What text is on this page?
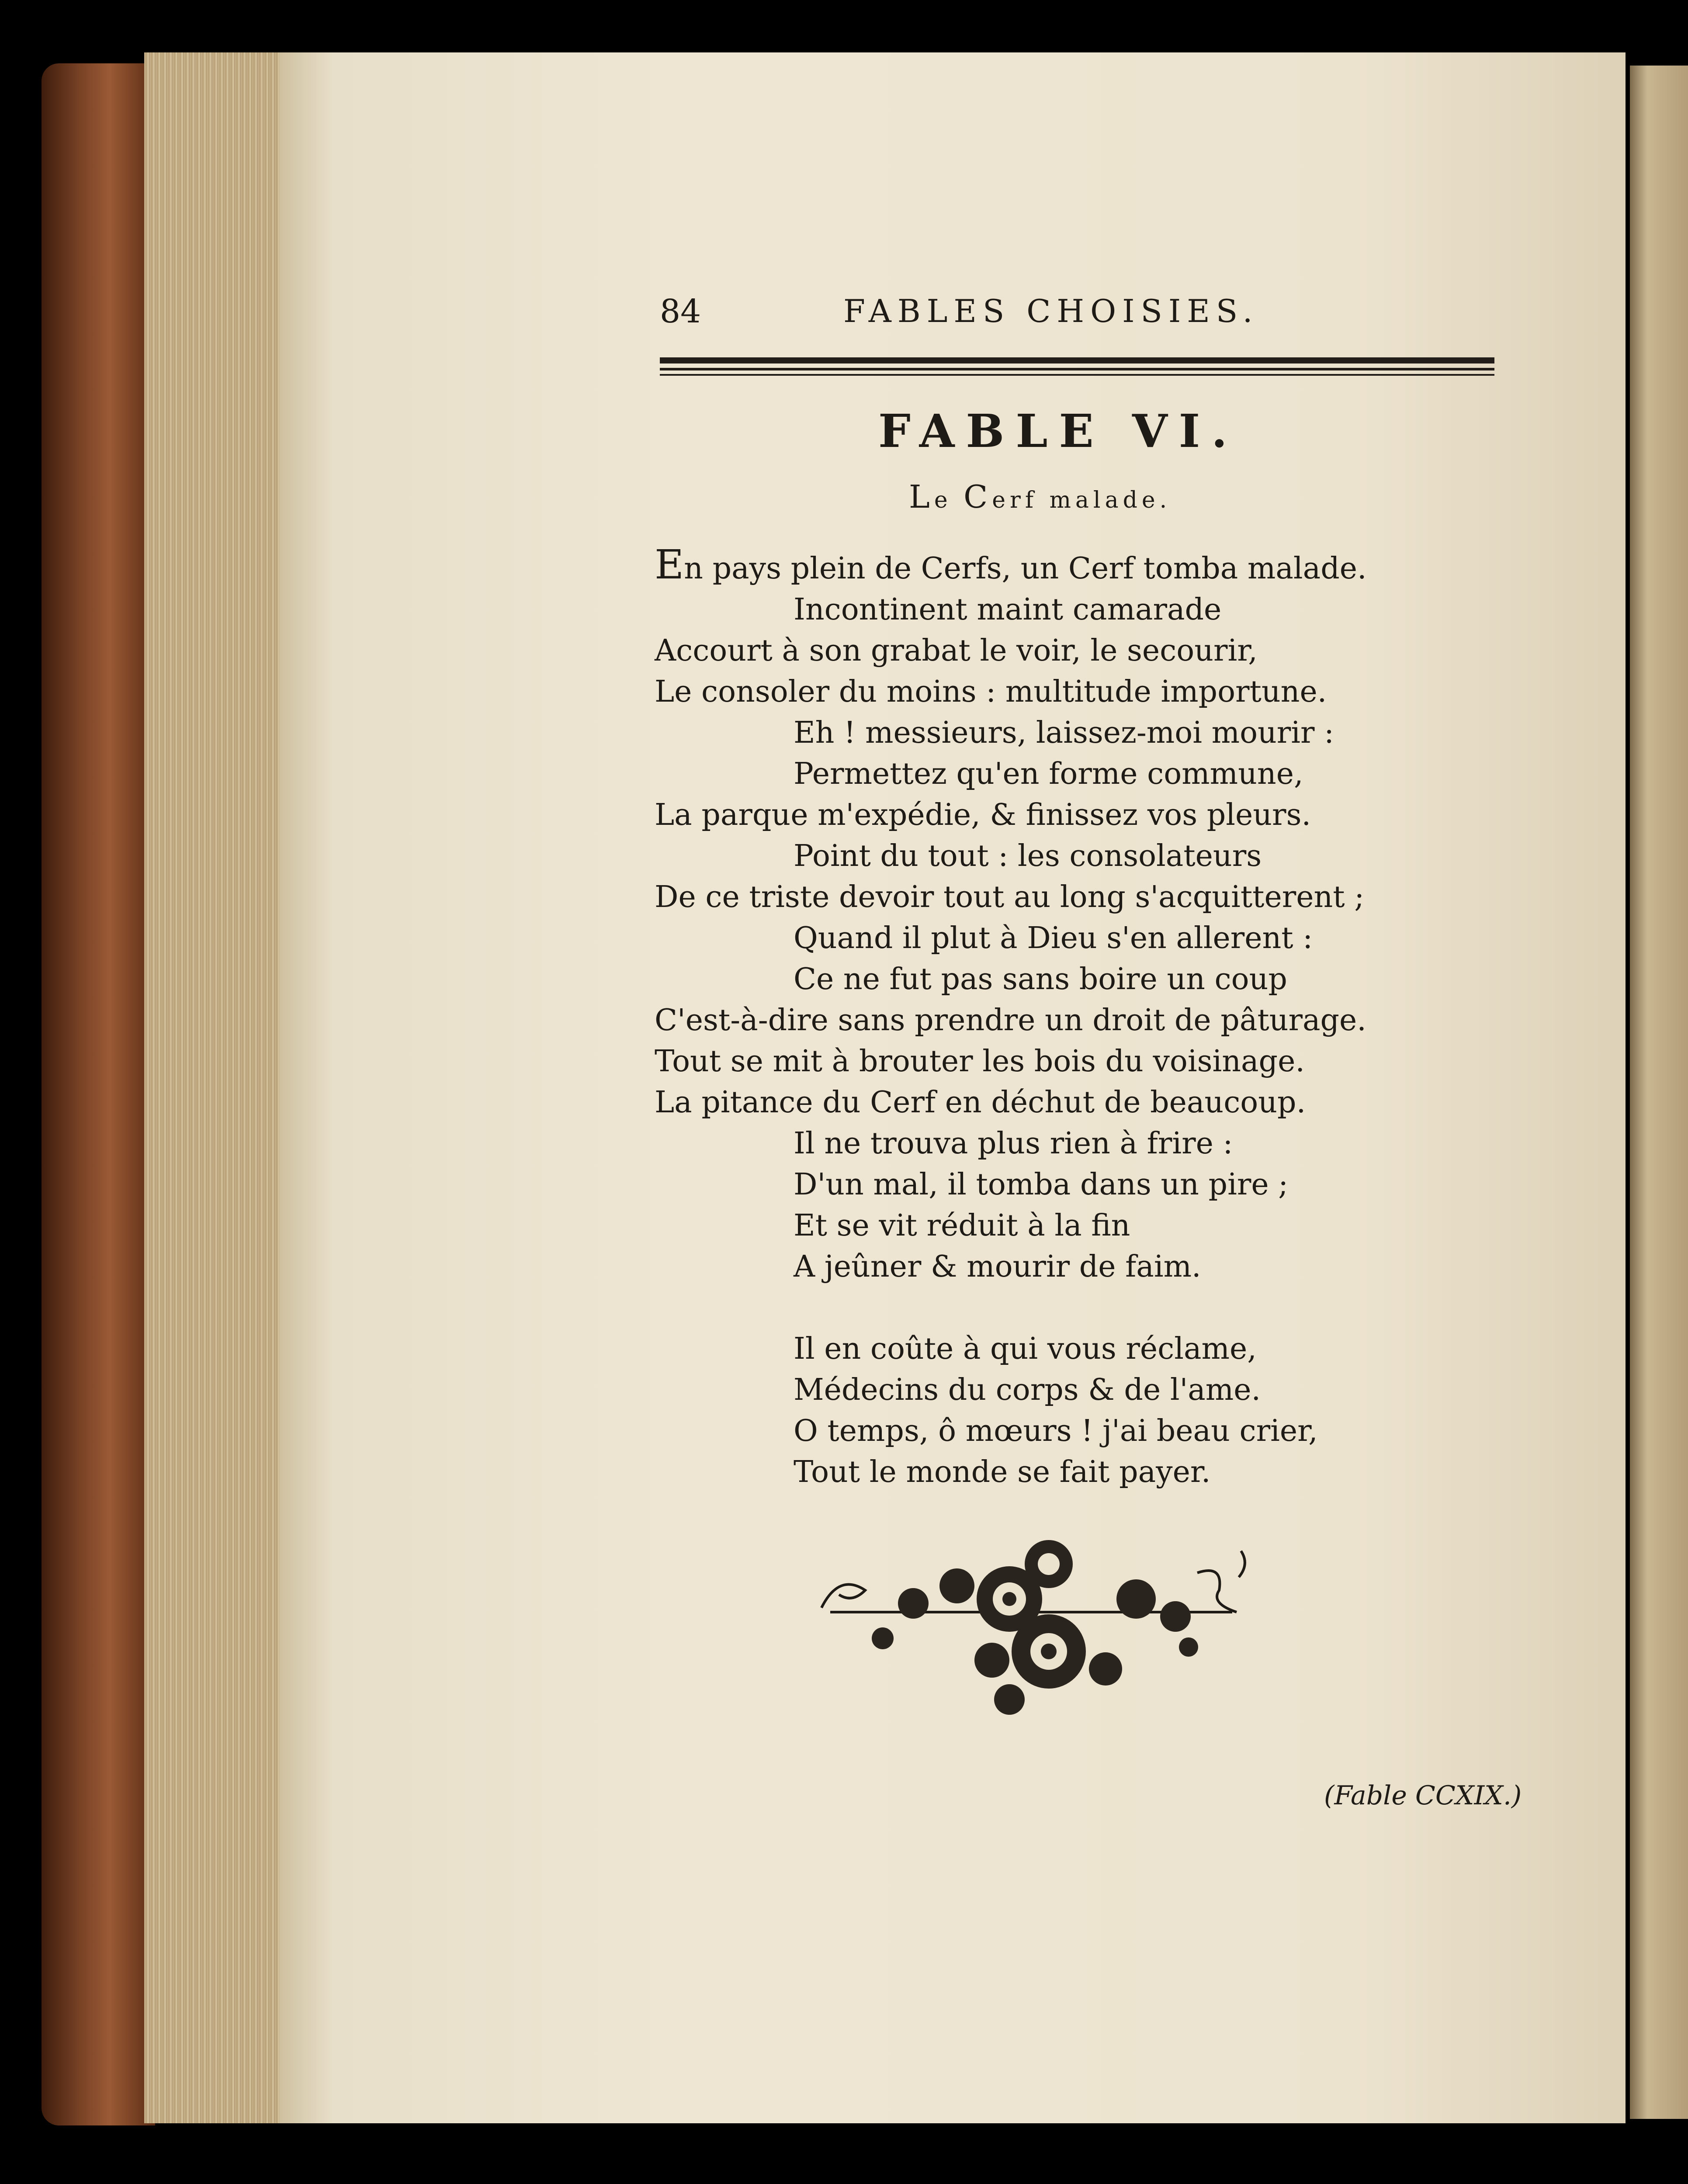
84	FABLES CHOISIES.
FABLE VI.
Le Cerf malade.
En pays plein de Cerfs, un Cerf tomba malade.
Incontinent maint camarade
Accourt à son grabat le voir, le secourir,
Le consoler du moins : multitude importune.
Eh ! messieurs, laissez-moi mourir :
Permettez qu'en forme commune,
La parque m'expédie, & finissez vos pleurs.
Point du tout : les consolateurs
De ce triste devoir tout au long s'acquitterent ;
Quand il plut à Dieu s'en allerent :
Ce ne fut pas sans boire un coup
C'est-à-dire sans prendre un droit de pâturage.
Tout se mit à brouter les bois du voisinage.
La pitance du Cerf en déchut de beaucoup.
Il ne trouva plus rien à frire :
D'un mal, il tomba dans un pire ;
Et se vit réduit à la fin
A jeûner & mourir de faim.
Il en coûte à qui vous réclame,
Médecins du corps & de l'ame.
O temps, ô mœurs ! j'ai beau crier,
Tout le monde se fait payer.
(Fable CCXIX.)
